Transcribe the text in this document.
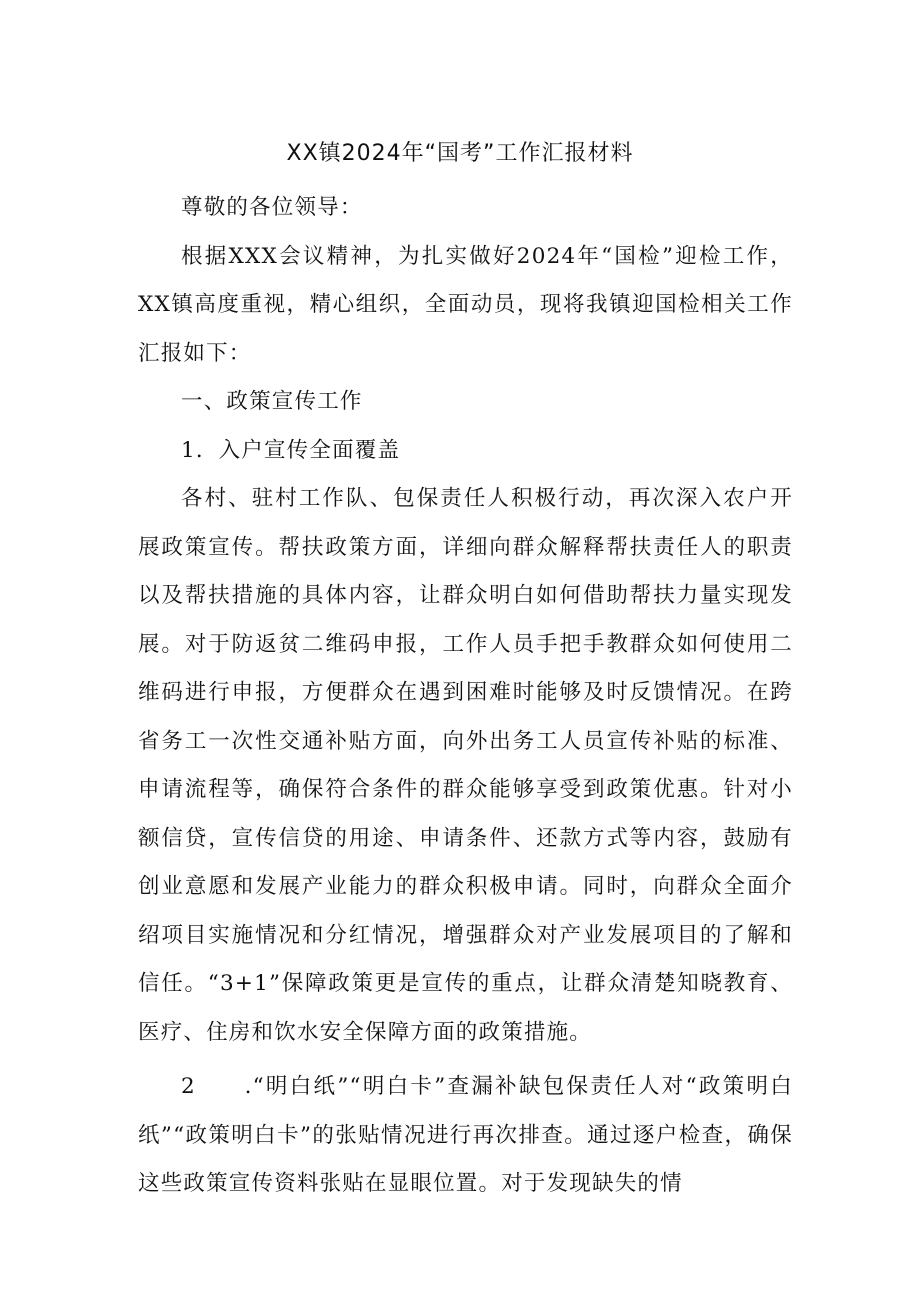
XX镇2024年“国考”工作汇报材料

尊敬的各位领导：

根据XXX会议精神，为扎实做好2024年“国检”迎检工作，XX镇高度重视，精心组织，全面动员，现将我镇迎国检相关工作汇报如下：

一、政策宣传工作

1．入户宣传全面覆盖

各村、驻村工作队、包保责任人积极行动，再次深入农户开展政策宣传。帮扶政策方面，详细向群众解释帮扶责任人的职责以及帮扶措施的具体内容，让群众明白如何借助帮扶力量实现发展。对于防返贫二维码申报，工作人员手把手教群众如何使用二维码进行申报，方便群众在遇到困难时能够及时反馈情况。在跨省务工一次性交通补贴方面，向外出务工人员宣传补贴的标准、申请流程等，确保符合条件的群众能够享受到政策优惠。针对小额信贷，宣传信贷的用途、申请条件、还款方式等内容，鼓励有创业意愿和发展产业能力的群众积极申请。同时，向群众全面介绍项目实施情况和分红情况，增强群众对产业发展项目的了解和信任。“3+1”保障政策更是宣传的重点，让群众清楚知晓教育、医疗、住房和饮水安全保障方面的政策措施。

2　　.“明白纸”“明白卡”查漏补缺包保责任人对“政策明白纸”“政策明白卡”的张贴情况进行再次排查。通过逐户检查，确保这些政策宣传资料张贴在显眼位置。对于发现缺失的情
